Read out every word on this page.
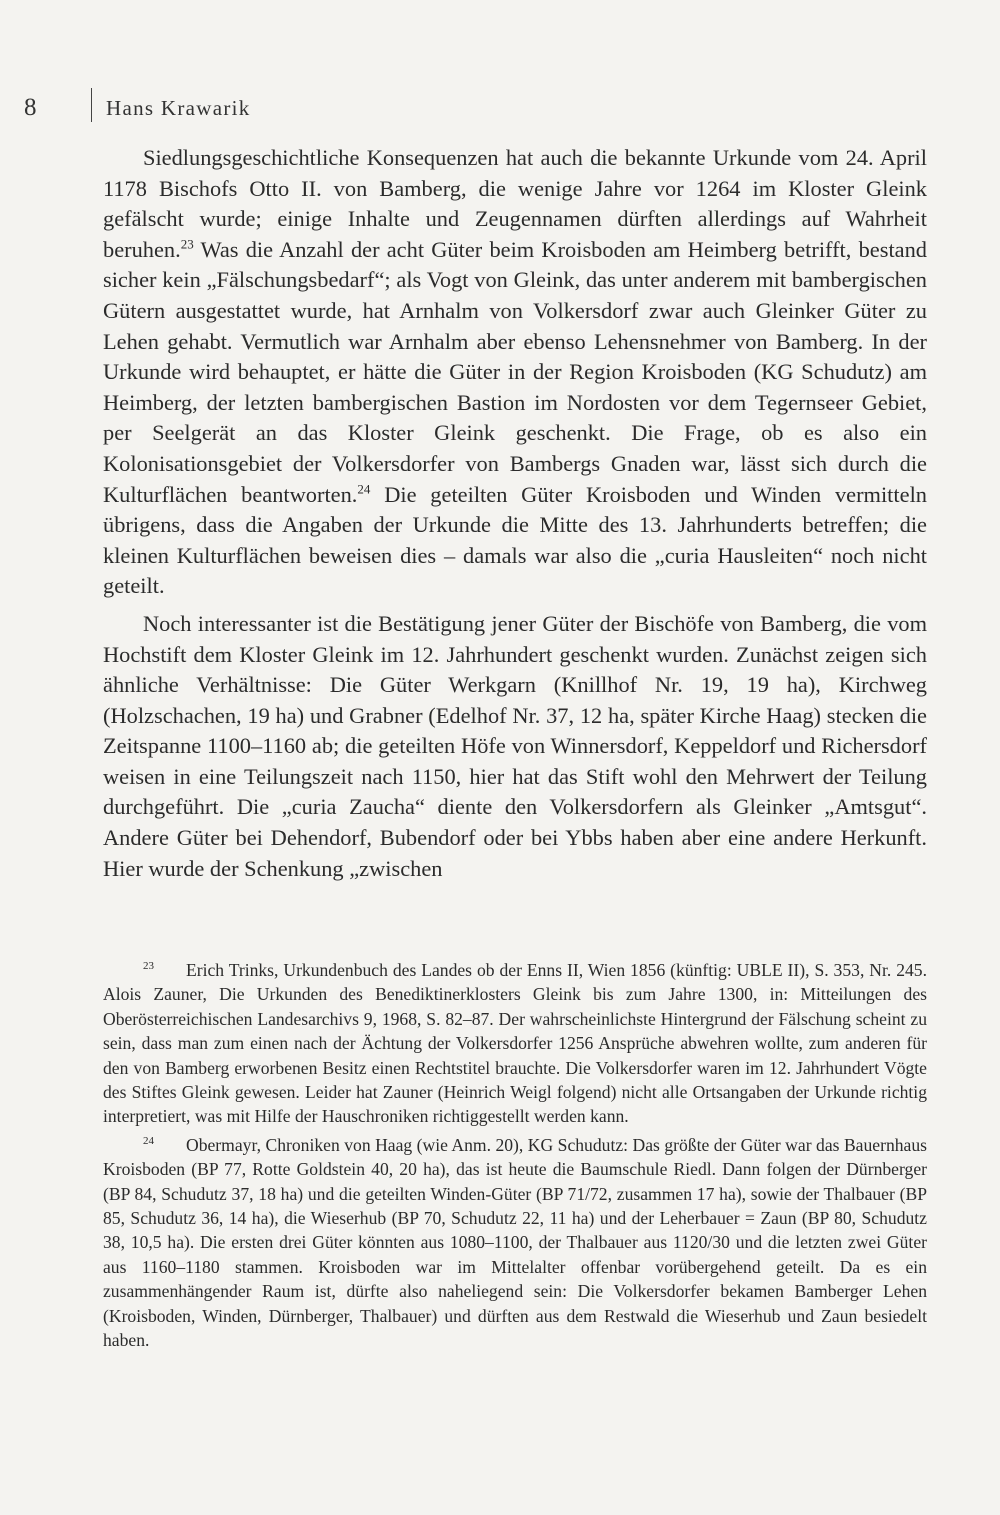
8	Hans Krawarik

Siedlungsgeschichtliche Konsequenzen hat auch die bekannte Urkunde vom 24. April 1178 Bischofs Otto II. von Bamberg, die wenige Jahre vor 1264 im Kloster Gleink gefälscht wurde; einige Inhalte und Zeugennamen dürften allerdings auf Wahrheit beruhen.$^{23}$ Was die Anzahl der acht Güter beim Kroisboden am Heimberg betrifft, bestand sicher kein „Fälschungsbedarf“; als Vogt von Gleink, das unter anderem mit bambergischen Gütern ausgestattet wurde, hat Arnhalm von Volkersdorf zwar auch Gleinker Güter zu Lehen gehabt. Vermutlich war Arnhalm aber ebenso Lehensnehmer von Bamberg. In der Urkunde wird behauptet, er hätte die Güter in der Region Kroisboden (KG Schudutz) am Heimberg, der letzten bambergischen Bastion im Nordosten vor dem Tegernseer Gebiet, per Seelgerät an das Kloster Gleink geschenkt. Die Frage, ob es also ein Kolonisationsgebiet der Volkersdorfer von Bambergs Gnaden war, lässt sich durch die Kulturflächen beantworten.$^{24}$ Die geteilten Güter Kroisboden und Winden vermitteln übrigens, dass die Angaben der Urkunde die Mitte des 13. Jahrhunderts betreffen; die kleinen Kulturflächen beweisen dies – damals war also die „curia Hausleiten“ noch nicht geteilt.

Noch interessanter ist die Bestätigung jener Güter der Bischöfe von Bamberg, die vom Hochstift dem Kloster Gleink im 12. Jahrhundert geschenkt wurden. Zunächst zeigen sich ähnliche Verhältnisse: Die Güter Werkgarn (Knillhof Nr. 19, 19 ha), Kirchweg (Holzschachen, 19 ha) und Grabner (Edelhof Nr. 37, 12 ha, später Kirche Haag) stecken die Zeitspanne 1100–1160 ab; die geteilten Höfe von Winnersdorf, Keppeldorf und Richersdorf weisen in eine Teilungszeit nach 1150, hier hat das Stift wohl den Mehrwert der Teilung durchgeführt. Die „curia Zaucha“ diente den Volkersdorfern als Gleinker „Amtsgut“. Andere Güter bei Dehendorf, Bubendorf oder bei Ybbs haben aber eine andere Herkunft. Hier wurde der Schenkung „zwischen

23 Erich Trinks, Urkundenbuch des Landes ob der Enns II, Wien 1856 (künftig: UBLE II), S. 353, Nr. 245. Alois Zauner, Die Urkunden des Benediktinerklosters Gleink bis zum Jahre 1300, in: Mitteilungen des Oberösterreichischen Landesarchivs 9, 1968, S. 82–87. Der wahrscheinlichste Hintergrund der Fälschung scheint zu sein, dass man zum einen nach der Ächtung der Volkersdorfer 1256 Ansprüche abwehren wollte, zum anderen für den von Bamberg erworbenen Besitz einen Rechtstitel brauchte. Die Volkersdorfer waren im 12. Jahrhundert Vögte des Stiftes Gleink gewesen. Leider hat Zauner (Heinrich Weigl folgend) nicht alle Ortsangaben der Urkunde richtig interpretiert, was mit Hilfe der Hauschroniken richtiggestellt werden kann.

24 Obermayr, Chroniken von Haag (wie Anm. 20), KG Schudutz: Das größte der Güter war das Bauernhaus Kroisboden (BP 77, Rotte Goldstein 40, 20 ha), das ist heute die Baumschule Riedl. Dann folgen der Dürnberger (BP 84, Schudutz 37, 18 ha) und die geteilten Winden-Güter (BP 71/72, zusammen 17 ha), sowie der Thalbauer (BP 85, Schudutz 36, 14 ha), die Wieserhub (BP 70, Schudutz 22, 11 ha) und der Leherbauer = Zaun (BP 80, Schudutz 38, 10,5 ha). Die ersten drei Güter könnten aus 1080–1100, der Thalbauer aus 1120/30 und die letzten zwei Güter aus 1160–1180 stammen. Kroisboden war im Mittelalter offenbar vorübergehend geteilt. Da es ein zusammenhängender Raum ist, dürfte also naheliegend sein: Die Volkersdorfer bekamen Bamberger Lehen (Kroisboden, Winden, Dürnberger, Thalbauer) und dürften aus dem Restwald die Wieserhub und Zaun besiedelt haben.
